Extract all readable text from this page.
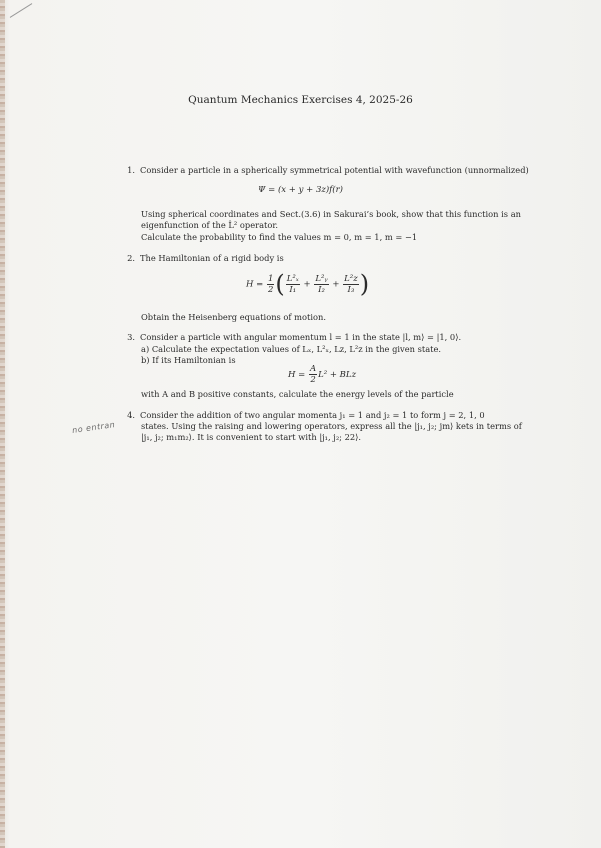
Quantum Mechanics Exercises 4, 2025-26
1. Consider a particle in a spherically symmetrical potential with wavefunction (unnormalized)
Ψ = (x + y + 3z)f(r)
Using spherical coordinates and Sect.(3.6) in Sakurai’s book, show that this function is an
eigenfunction of the L̂² operator.
Calculate the probability to find the values m = 0, m = 1, m = −1
2. The Hamiltonian of a rigid body is
$H = \frac{1}{2}$ ( $\frac{\text{L²ₓ}}{\text{I₁}} + \frac{\text{L²ᵧ}}{\text{I₂}} + \frac{\text{L²z}}{\text{I₃}}$ )
Obtain the Heisenberg equations of motion.
3. Consider a particle with angular momentum l = 1 in the state |l, m⟩ = |1, 0⟩.
a) Calculate the expectation values of Lₓ, L²ₓ, Lz, L²z in the given state.
b) If its Hamiltonian is
$H = \frac{A}{2} L^2$ + BLz
with A and B positive constants, calculate the energy levels of the particle
4. Consider the addition of two angular momenta j₁ = 1 and j₂ = 1 to form j = 2, 1, 0
states. Using the raising and lowering operators, express all the |j₁, j₂; jm⟩ kets in terms of
|j₁, j₂; m₁m₂⟩. It is convenient to start with |j₁, j₂; 22⟩.
no entran
